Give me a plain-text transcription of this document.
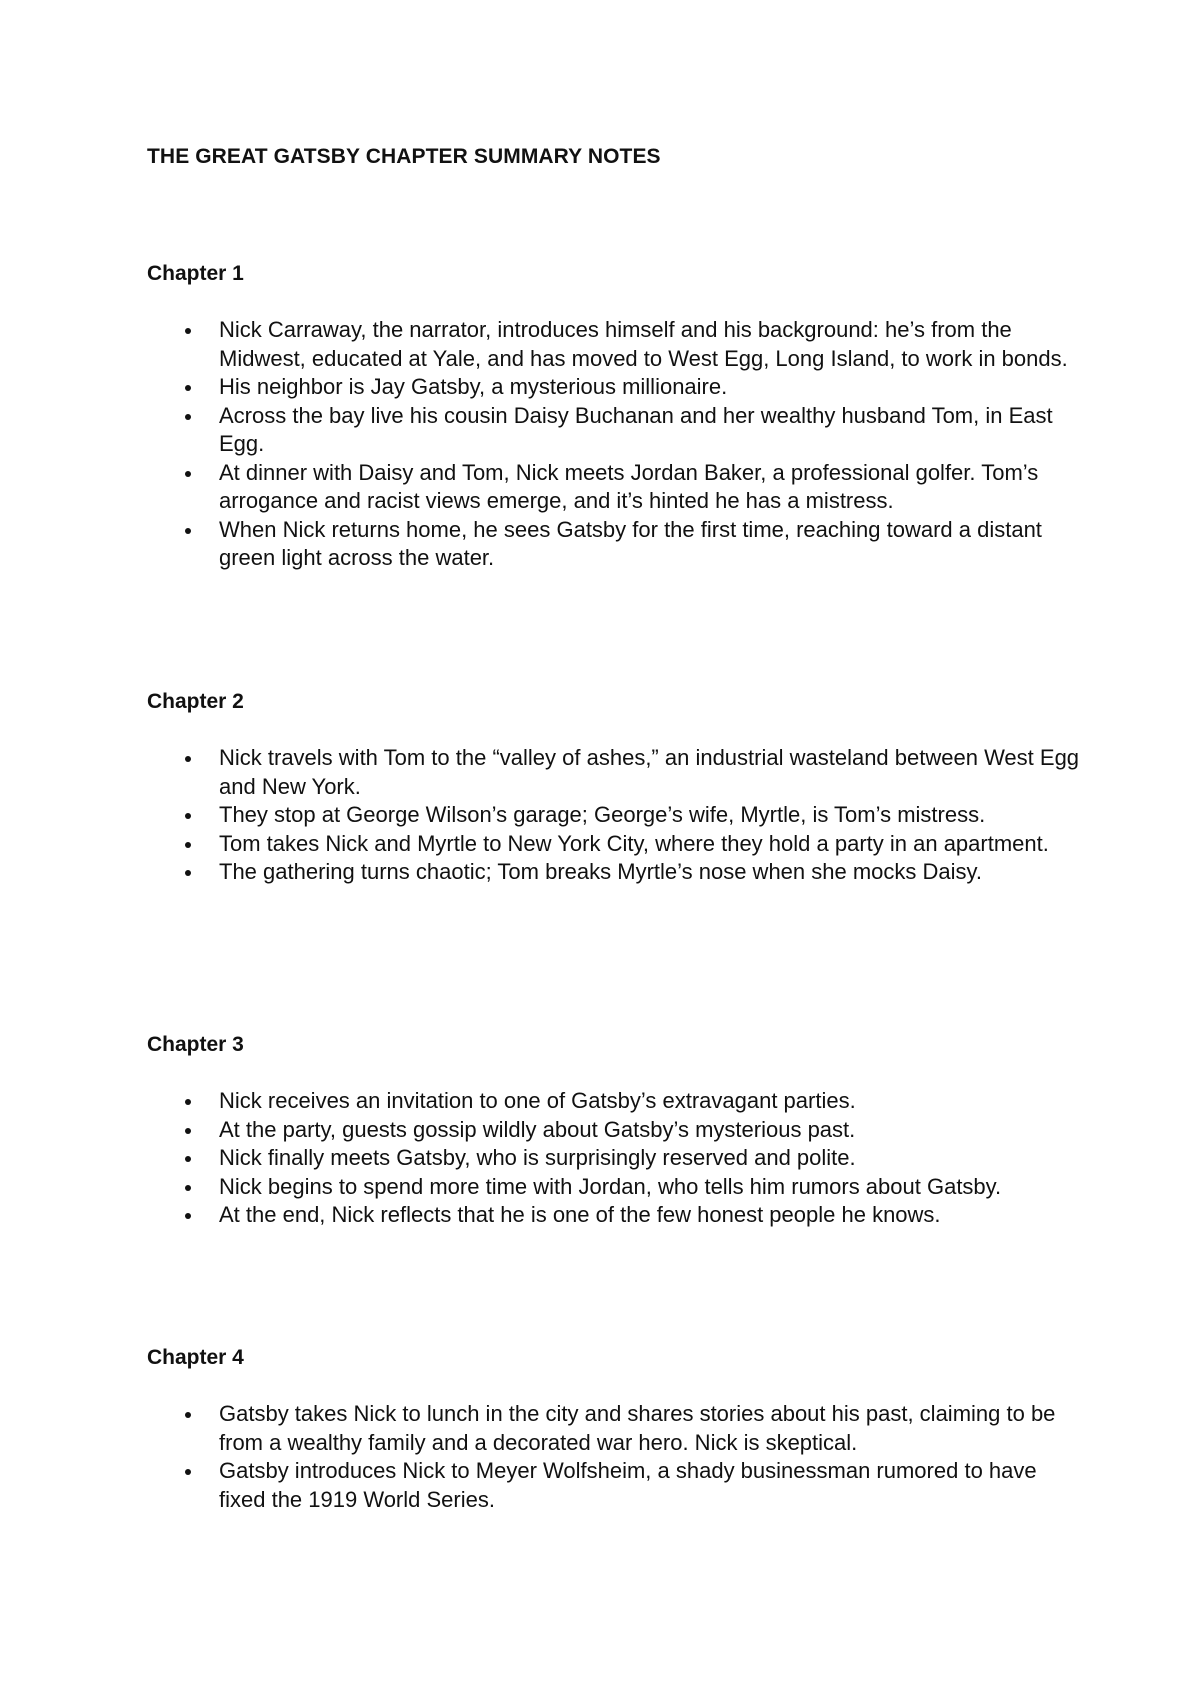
THE GREAT GATSBY CHAPTER SUMMARY NOTES
Chapter 1
Nick Carraway, the narrator, introduces himself and his background: he’s from the Midwest, educated at Yale, and has moved to West Egg, Long Island, to work in bonds.
His neighbor is Jay Gatsby, a mysterious millionaire.
Across the bay live his cousin Daisy Buchanan and her wealthy husband Tom, in East Egg.
At dinner with Daisy and Tom, Nick meets Jordan Baker, a professional golfer. Tom’s arrogance and racist views emerge, and it’s hinted he has a mistress.
When Nick returns home, he sees Gatsby for the first time, reaching toward a distant green light across the water.
Chapter 2
Nick travels with Tom to the “valley of ashes,” an industrial wasteland between West Egg and New York.
They stop at George Wilson’s garage; George’s wife, Myrtle, is Tom’s mistress.
Tom takes Nick and Myrtle to New York City, where they hold a party in an apartment.
The gathering turns chaotic; Tom breaks Myrtle’s nose when she mocks Daisy.
Chapter 3
Nick receives an invitation to one of Gatsby’s extravagant parties.
At the party, guests gossip wildly about Gatsby’s mysterious past.
Nick finally meets Gatsby, who is surprisingly reserved and polite.
Nick begins to spend more time with Jordan, who tells him rumors about Gatsby.
At the end, Nick reflects that he is one of the few honest people he knows.
Chapter 4
Gatsby takes Nick to lunch in the city and shares stories about his past, claiming to be from a wealthy family and a decorated war hero. Nick is skeptical.
Gatsby introduces Nick to Meyer Wolfsheim, a shady businessman rumored to have fixed the 1919 World Series.
